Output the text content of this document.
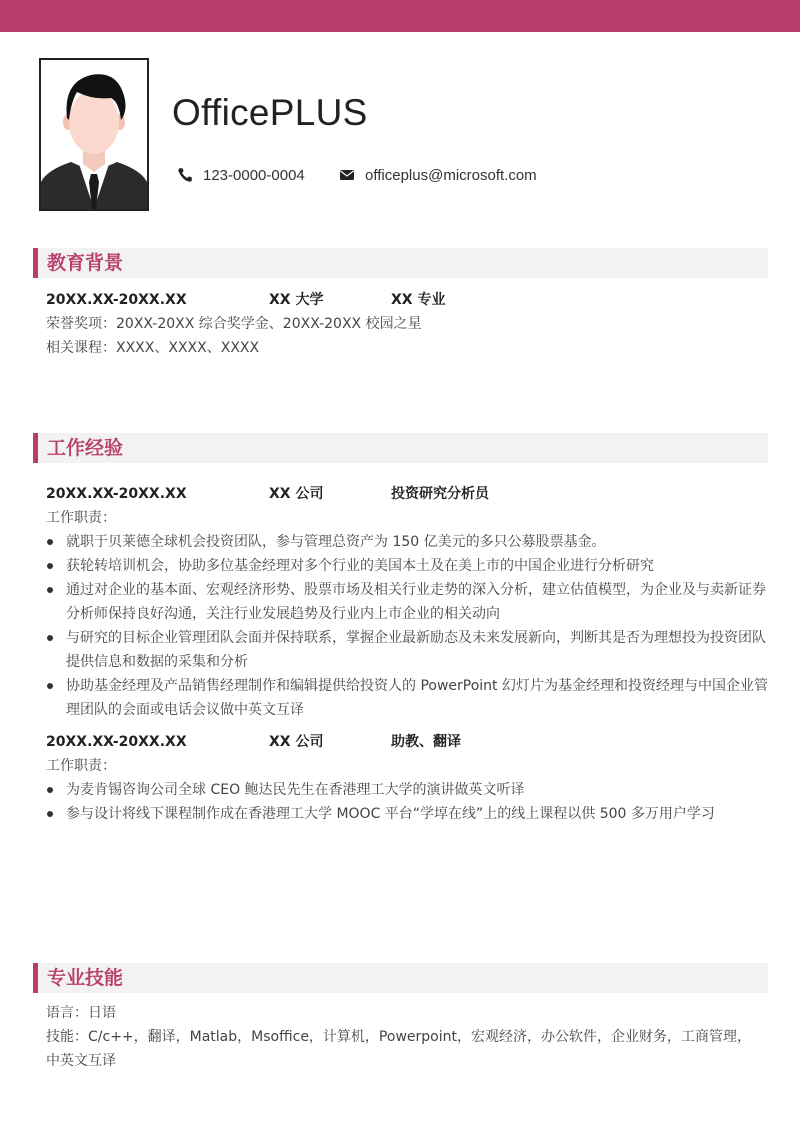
OfficePLUS
123-0000-0004	officeplus@microsoft.com
教育背景
20XX.XX-20XX.XX	XX 大学	XX 专业
荣誉奖项：20XX-20XX 综合奖学金、20XX-20XX 校园之星
相关课程：XXXX、XXXX、XXXX
工作经验
20XX.XX-20XX.XX	XX 公司	投资研究分析员
工作职责：
就职于贝莱德全球机会投资团队，参与管理总资产为 150 亿美元的多只公募股票基金。
获轮转培训机会，协助多位基金经理对多个行业的美国本土及在美上市的中国企业进行分析研究
通过对企业的基本面、宏观经济形势、股票市场及相关行业走势的深入分析，建立估值模型，为企业及与卖新证券分析师保持良好沟通，关注行业发展趋势及行业内上市企业的相关动向
与研究的目标企业管理团队会面并保持联系，掌握企业最新励态及未来发展新向，判断其是否为理想投为投资团队提供信息和数据的采集和分析
协助基金经理及产品销售经理制作和编辑提供给投资人的 PowerPoint 幻灯片为基金经理和投资经理与中国企业管理团队的会面或电话会议做中英文互译
20XX.XX-20XX.XX	XX 公司	助教、翻译
工作职责：
为麦肯锡咨询公司全球 CEO 鲍达民先生在香港理工大学的演讲做英文听译
参与设计将线下课程制作成在香港理工大学 MOOC 平台“学埻在线”上的线上课程以供 500 多万用户学习
专业技能
语言：日语
技能：C/c++，翻译，Matlab，Msoffice，计算机，Powerpoint，宏观经济，办公软件，企业财务，工商管理，中英文互译
